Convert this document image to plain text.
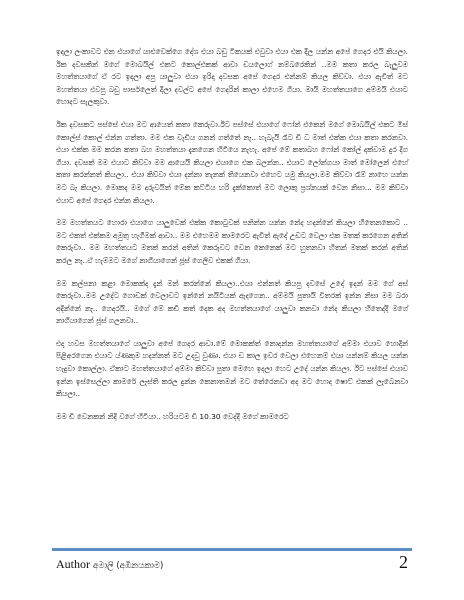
ඉදලා ලංකාවට එන එයාගේ යාළුවෙක්ගෙ දේශ එයා බඩු ටිකයක් එවුවා එයා එක දීල යන්න අපේ ගෙදර එයි කියලා. ඊක දවසකින් මගේ මොබයිල් එකට කොල්එකක් ආවා ඩයලොග් නම්බරෙකින් ..මම කතා කරල බැලුවම මහත්තයාගේ ඒ රට ඉදලා අපු යාලුවා එයා ඉරිදා දවසක අපේ ගෙදර එන්නම් කියල කිව්වා. එයා ඇවිත් මට මහත්තයා එවපු බඩු පාර්සලෙත් දීලා දවල්ට අපේ ගෙදරින් කාලා එහෙම ගියා. මායි මහත්තයාගෙ අම්මයි එයාට හොදට සැලකුවා.

ඊක දවසකට පස්සේ එයා මට ආයෙත් කතා කෙරුවා.ඊට පස්සේ එයාගේ ෆෝන් එකෙන් මගේ මොබයිල් එකට මිස් කොල්ස් කොල් එන්න ගත්තා. මම එක වැඩිය ගනන් ගත්තේ නෑ.. හැබැයි රෑට ඩී ධ මාත් එක්ක එයා කතා කරනවා. එයා එක්ක මම කරන කතා බහ මහත්තයා දැනගෙන හිටියෙ නැහැ. අපේ මේ කතාබහ ෆෝන් කෝල් දක්වාම දුර දිග ගියා. දවසක් මම එයාට කිව්වා මම ආයෙයි කියලා එයාගෙ එක බලන්න.. එයාට ලෝන්ගයා මාත් මෝලෙන් එහේ කතා කරන්නත් කියලා.. එයා කිව්වා එයා දන්නා තැනක් තියෙනවා එහෙට යමු කියලා.මම කිව්වා රෑම් නාහෙ යන්න මට බෑ කියලා. මොකද මම දරුවයිත් මේක කට්ටිය හරි දැක්කොත් මට ලොකු ප්‍රශ්නයක් වෙන නිසා... මම කිව්වා එයාට අපේ ගෙදර එන්න කියලා.

මම මහත්තයට හොරා එයාගෙ යාලුවෙක් එක්ක කොටුවක් පනින්න යන්න නේද හදන්නේ කියලා හිතෙනකොට .. මට එකත් එක්කම අමුතු හැගීමක් ආවා.. මම එහෙමම කාමරෙට ඇවිත් ඇදේ උඩට වෙලා එක මතක් කරගෙන අතින් කෙරුවා.. මම මහත්තයට මතක් කරන් අතින් කෙරුවට වෙන කෙනෙක් මට හුතනවා හිතන් මතක් කරන් අතින් කරල නෑ..ඒ හැම්මට මගේ නාගියාගෙන් ජූස් ගෙලිව එකක් ගියා.

මම කල්පනා කළා මොකක්ද දැන් මන් කරන්නේ කියලා..එයා එන්නත් කියපු දවසේ උදේ ඉදන් මම ගේ අස් කෙරුවා..මම උදේට ගොඩක් වෙලාවට ඉන්නේ නයිටියක් ඇදගෙන.. අම්මයි පුතායි විතරක් ඉන්න නිසා මම බරා අදින්නේ නෑ.. ගෙදරයි.. මගේ මේ කඩි කත් දෙක අද මහත්තයාගේ යාලුවා කනවා නේද කියලා හිතෙද්දි මගේ නාගියාගෙන් ජූස් ගලනවා..

එදා හවස මහත්තයාගේ යාලුවා අපේ ගෙදර ආවා.මේ මොකක්ත් නොදන්න මහත්තයාගේ අම්මා එයාව හොදින් පිළිඅරගෙන එයාට ය්ණකුම හදන්නත් මට උදවු වුණා. එයා ඩ කාල ඉවර වෙලා එහෙනම් එයා යන්නම් කියල යන්න හැදුවා කොල්ලා. ඒකාට මහත්තයාගේ අම්මා කිව්වා පුතා මෙහෙ ඉදලා හෙට උදේ යන්න කියලා. ඊට පස්සේ එයාව ඉන්න ඉස්සෙල්ලා කාමරේ ලෑස්ති කරල දුන්න කෙනාතමන් මට තේරෙනවා අද මට හොද ෂොට් එකක් ලැබෙනවා කියලා..

මම ඩී වෙනකන් නිදි වගේ හිටියා.. හරියටම ඩී 10.30 වෙද්දි මගේ කාමරෙට

Author අමාලි (අඹිනයකාම)	2
